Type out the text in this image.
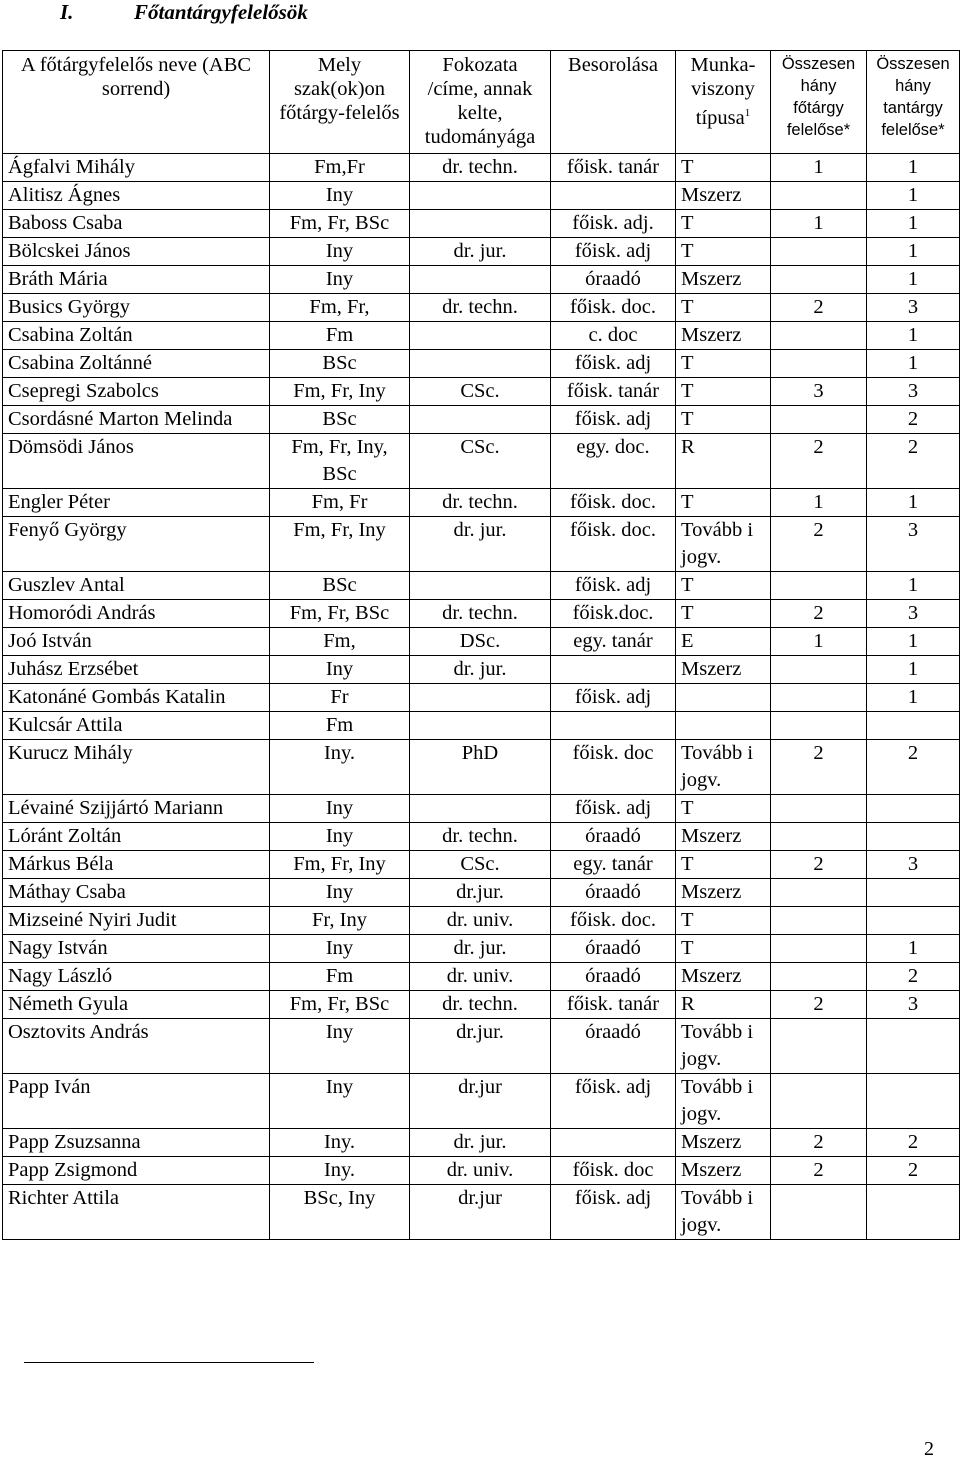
I.	Főtantárgyfelelősök
A főtárgyfelelős neve (ABC sorrend)	Mely szak(ok)on főtárgy-felelős	Fokozata /címe, annak kelte, tudományága	Besorolása	Munka-viszony típusa$^1$	Összesen hány főtárgy felelőse*	Összesen hány tantárgy felelőse*
Ágfalvi Mihály	Fm,Fr	dr. techn.	főisk. tanár	T	1	1
Alitisz Ágnes	Iny			Mszerz		1
Baboss Csaba	Fm, Fr, BSc		főisk. adj.	T	1	1
Bölcskei János	Iny	dr. jur.	főisk. adj	T		1
Bráth Mária	Iny		óraadó	Mszerz		1
Busics György	Fm, Fr,	dr. techn.	főisk. doc.	T	2	3
Csabina Zoltán	Fm		c. doc	Mszerz		1
Csabina Zoltánné	BSc		főisk. adj	T		1
Csepregi Szabolcs	Fm, Fr, Iny	CSc.	főisk. tanár	T	3	3
Csordásné Marton Melinda	BSc		főisk. adj	T		2
Dömsödi János	Fm, Fr, Iny, BSc	CSc.	egy. doc.	R	2	2
Engler Péter	Fm, Fr	dr. techn.	főisk. doc.	T	1	1
Fenyő György	Fm, Fr, Iny	dr. jur.	főisk. doc.	Tovább i jogv.	2	3
Guszlev Antal	BSc		főisk. adj	T		1
Homoródi András	Fm, Fr, BSc	dr. techn.	főisk.doc.	T	2	3
Joó István	Fm,	DSc.	egy. tanár	E	1	1
Juhász Erzsébet	Iny	dr. jur.		Mszerz		1
Katonáné Gombás Katalin	Fr		főisk. adj			1
Kulcsár Attila	Fm					
Kurucz Mihály	Iny.	PhD	főisk. doc	Tovább i jogv.	2	2
Lévainé Szijjártó Mariann	Iny		főisk. adj	T		
Lóránt Zoltán	Iny	dr. techn.	óraadó	Mszerz		
Márkus Béla	Fm, Fr, Iny	CSc.	egy. tanár	T	2	3
Máthay Csaba	Iny	dr.jur.	óraadó	Mszerz		
Mizseiné Nyiri Judit	Fr, Iny	dr. univ.	főisk. doc.	T		
Nagy István	Iny	dr. jur.	óraadó	T		1
Nagy László	Fm	dr. univ.	óraadó	Mszerz		2
Németh Gyula	Fm, Fr, BSc	dr. techn.	főisk. tanár	R	2	3
Osztovits András	Iny	dr.jur.	óraadó	Tovább i jogv.		
Papp Iván	Iny	dr.jur	főisk. adj	Tovább i jogv.		
Papp Zsuzsanna	Iny.	dr. jur.		Mszerz	2	2
Papp Zsigmond	Iny.	dr. univ.	főisk. doc	Mszerz	2	2
Richter Attila	BSc, Iny	dr.jur	főisk. adj	Tovább i jogv.		
2
